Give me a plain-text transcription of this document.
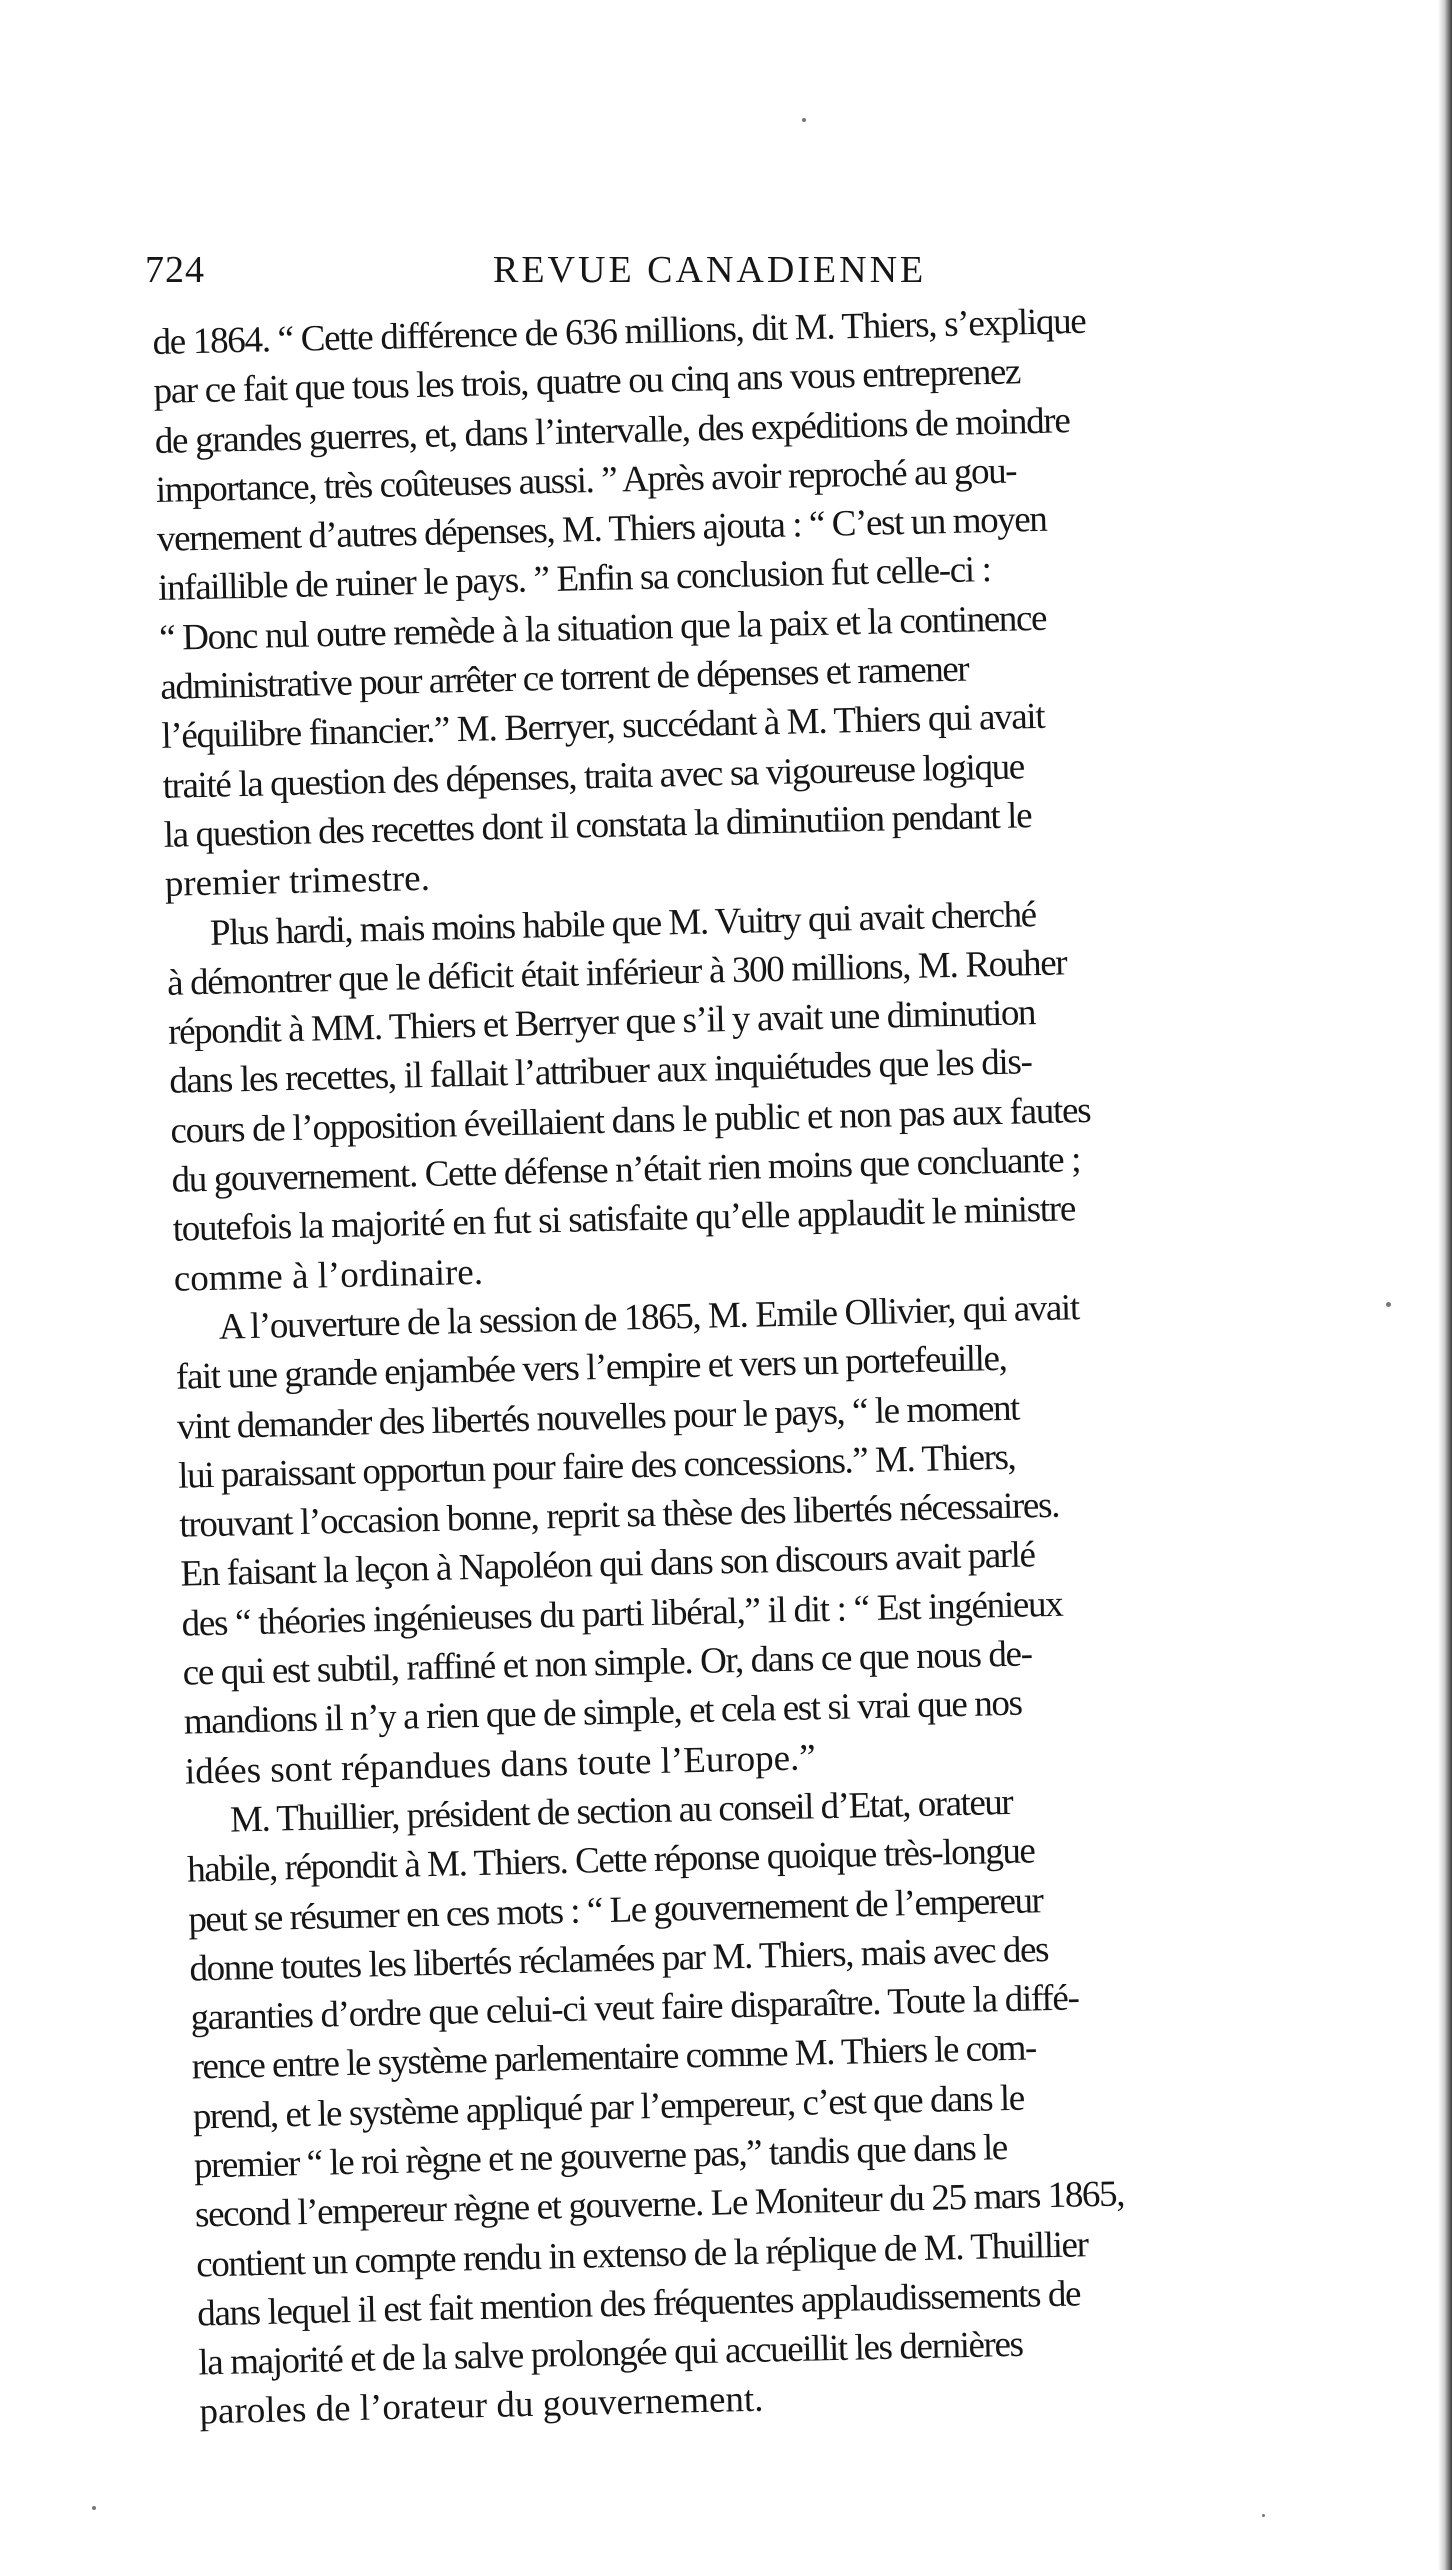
724	REVUE CANADIENNE
de 1864. “ Cette différence de 636 millions, dit M. Thiers, s’explique
par ce fait que tous les trois, quatre ou cinq ans vous entreprenez
de grandes guerres, et, dans l’intervalle, des expéditions de moindre
importance, très coûteuses aussi. ” Après avoir reproché au gou-
vernement d’autres dépenses, M. Thiers ajouta : “ C’est un moyen
infaillible de ruiner le pays. ” Enfin sa conclusion fut celle-ci :
“ Donc nul outre remède à la situation que la paix et la continence
administrative pour arrêter ce torrent de dépenses et ramener
l’équilibre financier.” M. Berryer, succédant à M. Thiers qui avait
traité la question des dépenses, traita avec sa vigoureuse logique
la question des recettes dont il constata la diminutiion pendant le
premier trimestre.
Plus hardi, mais moins habile que M. Vuitry qui avait cherché
à démontrer que le déficit était inférieur à 300 millions, M. Rouher
répondit à MM. Thiers et Berryer que s’il y avait une diminution
dans les recettes, il fallait l’attribuer aux inquiétudes que les dis-
cours de l’opposition éveillaient dans le public et non pas aux fautes
du gouvernement. Cette défense n’était rien moins que concluante ;
toutefois la majorité en fut si satisfaite qu’elle applaudit le ministre
comme à l’ordinaire.
A l’ouverture de la session de 1865, M. Emile Ollivier, qui avait
fait une grande enjambée vers l’empire et vers un portefeuille,
vint demander des libertés nouvelles pour le pays, “ le moment
lui paraissant opportun pour faire des concessions.” M. Thiers,
trouvant l’occasion bonne, reprit sa thèse des libertés nécessaires.
En faisant la leçon à Napoléon qui dans son discours avait parlé
des “ théories ingénieuses du parti libéral,” il dit : “ Est ingénieux
ce qui est subtil, raffiné et non simple. Or, dans ce que nous de-
mandions il n’y a rien que de simple, et cela est si vrai que nos
idées sont répandues dans toute l’Europe.”
M. Thuillier, président de section au conseil d’Etat, orateur
habile, répondit à M. Thiers. Cette réponse quoique très-longue
peut se résumer en ces mots : “ Le gouvernement de l’empereur
donne toutes les libertés réclamées par M. Thiers, mais avec des
garanties d’ordre que celui-ci veut faire disparaître. Toute la diffé-
rence entre le système parlementaire comme M. Thiers le com-
prend, et le système appliqué par l’empereur, c’est que dans le
premier “ le roi règne et ne gouverne pas,” tandis que dans le
second l’empereur règne et gouverne. Le Moniteur du 25 mars 1865,
contient un compte rendu in extenso de la réplique de M. Thuillier
dans lequel il est fait mention des fréquentes applaudissements de
la majorité et de la salve prolongée qui accueillit les dernières
paroles de l’orateur du gouvernement.
